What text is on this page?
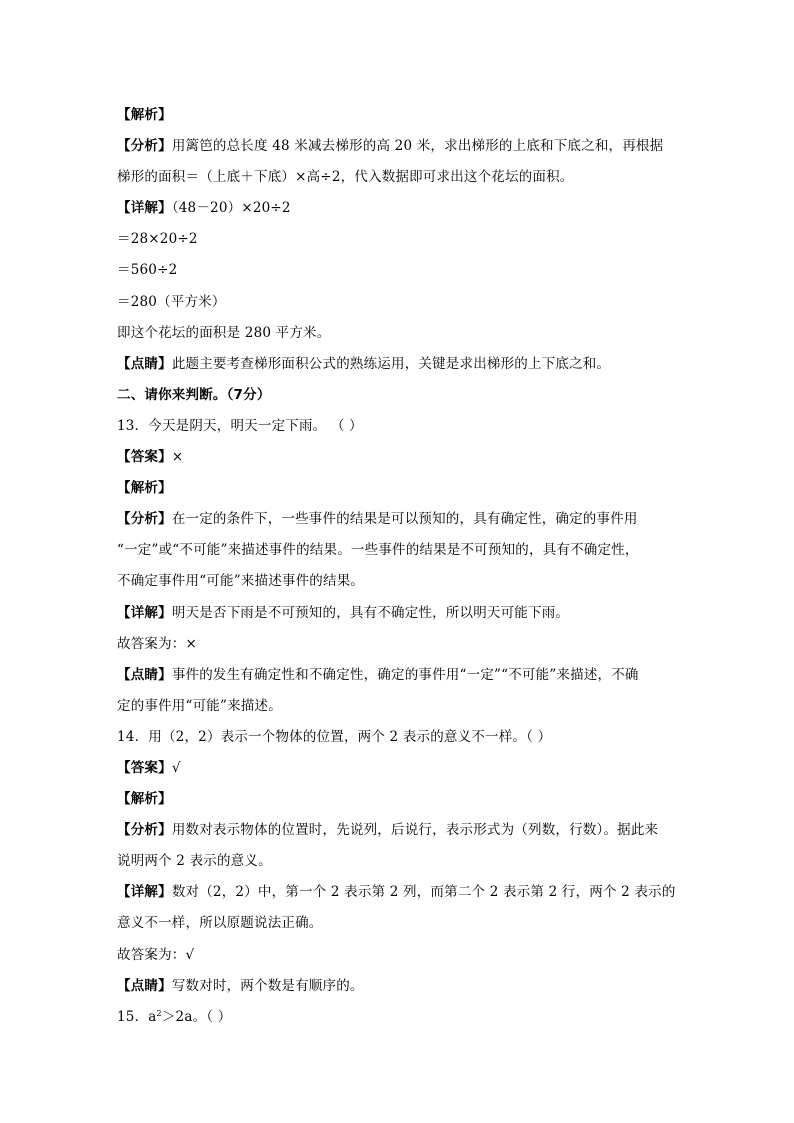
【解析】
【分析】用篱笆的总长度 48 米减去梯形的高 20 米，求出梯形的上底和下底之和，再根据
梯形的面积＝（上底＋下底）×高÷2，代入数据即可求出这个花坛的面积。
【详解】（48－20）×20÷2
＝28×20÷2
＝560÷2
＝280（平方米）
即这个花坛的面积是 280 平方米。
【点睛】此题主要考查梯形面积公式的熟练运用，关键是求出梯形的上下底之和。
二、请你来判断。（7分）
13．今天是阴天，明天一定下雨。 （ ）
【答案】×
【解析】
【分析】在一定的条件下，一些事件的结果是可以预知的，具有确定性，确定的事件用
“一定”或“不可能”来描述事件的结果。一些事件的结果是不可预知的，具有不确定性，
不确定事件用“可能”来描述事件的结果。
【详解】明天是否下雨是不可预知的，具有不确定性，所以明天可能下雨。
故答案为：×
【点睛】事件的发生有确定性和不确定性，确定的事件用“一定”“不可能”来描述，不确
定的事件用“可能”来描述。
14．用（2，2）表示一个物体的位置，两个 2 表示的意义不一样。（ ）
【答案】√
【解析】
【分析】用数对表示物体的位置时，先说列，后说行，表示形式为（列数，行数）。据此来
说明两个 2 表示的意义。
【详解】数对（2，2）中，第一个 2 表示第 2 列，而第二个 2 表示第 2 行，两个 2 表示的
意义不一样，所以原题说法正确。
故答案为：√
【点睛】写数对时，两个数是有顺序的。
15．$a^2>2a$。（ ）
